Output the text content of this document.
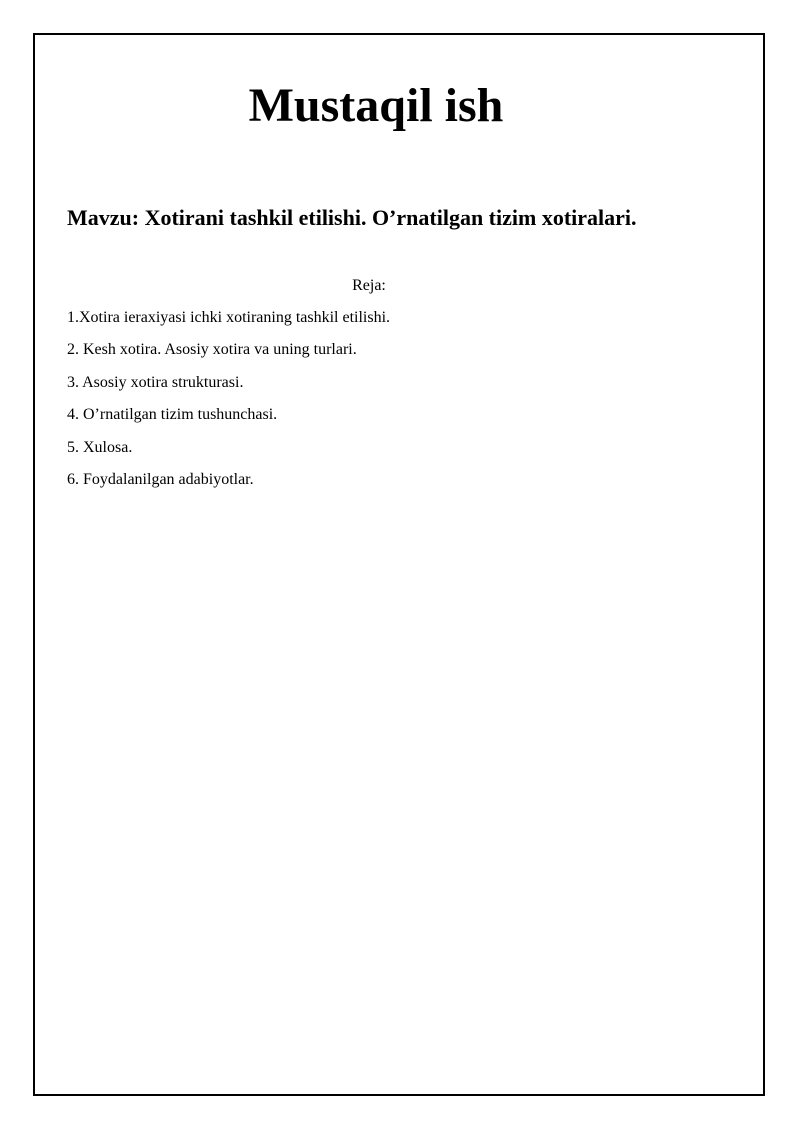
Mustaqil ish
Mavzu: Xotirani tashkil etilishi. O’rnatilgan tizim xotiralari.

Reja:

1.Xotira ieraxiyasi ichki xotiraning tashkil etilishi.
2. Kesh xotira. Asosiy xotira va uning turlari.
3. Asosiy xotira strukturasi.
4. O’rnatilgan tizim tushunchasi.
5. Xulosa.
6. Foydalanilgan adabiyotlar.
